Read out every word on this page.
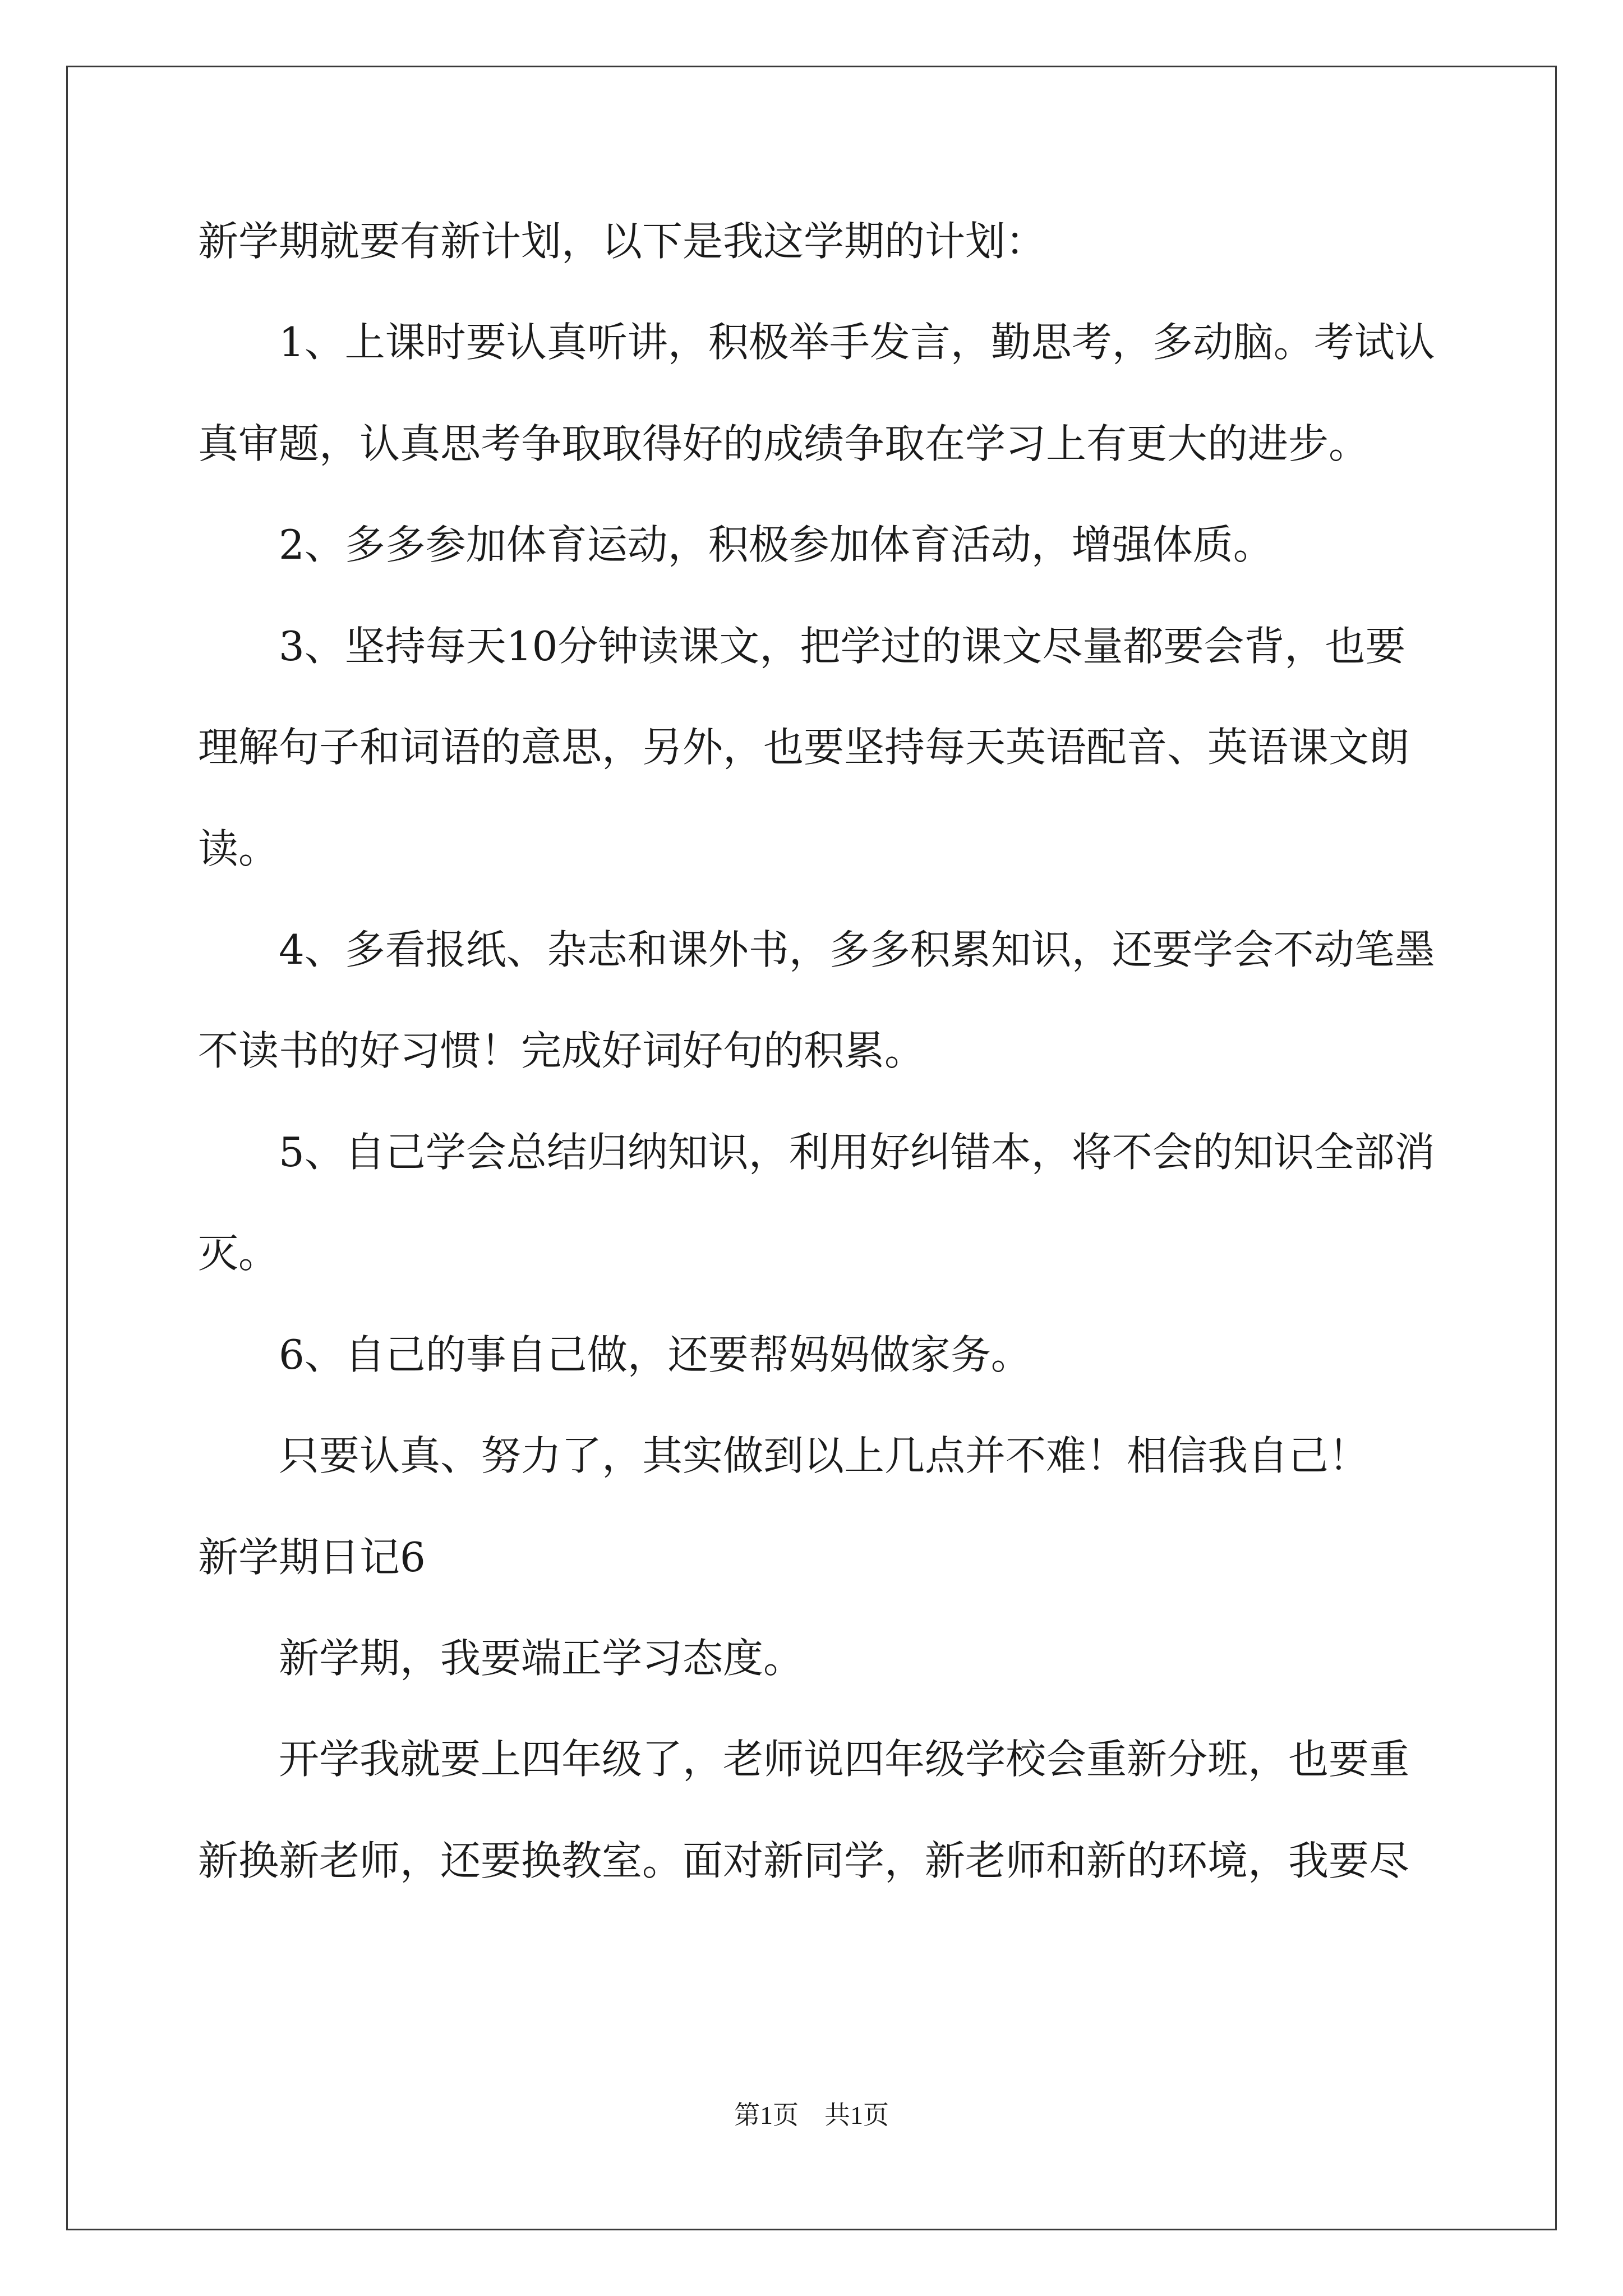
新学期就要有新计划，以下是我这学期的计划：
1、上课时要认真听讲，积极举手发言，勤思考，多动脑。考试认
真审题，认真思考争取取得好的成绩争取在学习上有更大的进步。
2、多多参加体育运动，积极参加体育活动，增强体质。
3、坚持每天10分钟读课文，把学过的课文尽量都要会背，也要
理解句子和词语的意思，另外，也要坚持每天英语配音、英语课文朗
读。
4、多看报纸、杂志和课外书，多多积累知识，还要学会不动笔墨
不读书的好习惯！完成好词好句的积累。
5、自己学会总结归纳知识，利用好纠错本，将不会的知识全部消
灭。
6、自己的事自己做，还要帮妈妈做家务。
只要认真、努力了，其实做到以上几点并不难！相信我自己！
新学期日记6
新学期，我要端正学习态度。
开学我就要上四年级了，老师说四年级学校会重新分班，也要重
新换新老师，还要换教室。面对新同学，新老师和新的环境，我要尽
第1页　共1页
